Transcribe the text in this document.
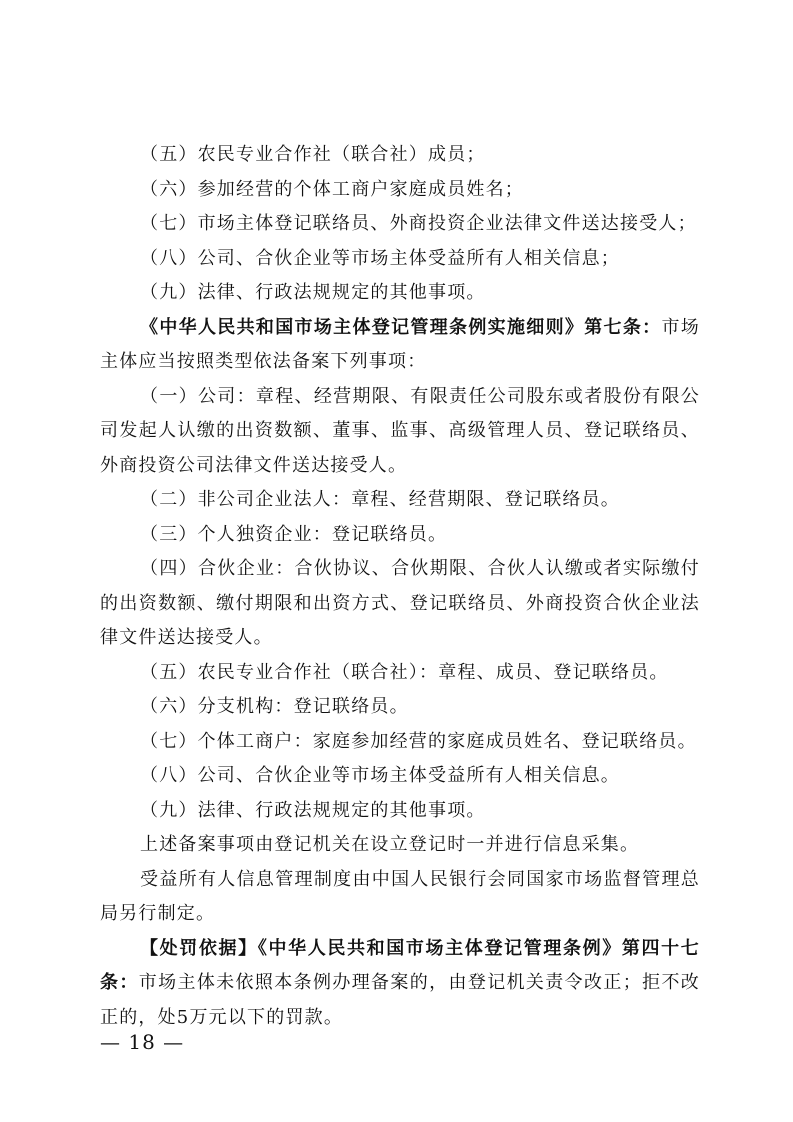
（五）农民专业合作社（联合社）成员；

（六）参加经营的个体工商户家庭成员姓名；

（七）市场主体登记联络员、外商投资企业法律文件送达接受人；

（八）公司、合伙企业等市场主体受益所有人相关信息；

（九）法律、行政法规规定的其他事项。

《中华人民共和国市场主体登记管理条例实施细则》第七条：市场主体应当按照类型依法备案下列事项：

（一）公司：章程、经营期限、有限责任公司股东或者股份有限公司发起人认缴的出资数额、董事、监事、高级管理人员、登记联络员、外商投资公司法律文件送达接受人。

（二）非公司企业法人：章程、经营期限、登记联络员。

（三）个人独资企业：登记联络员。

（四）合伙企业：合伙协议、合伙期限、合伙人认缴或者实际缴付的出资数额、缴付期限和出资方式、登记联络员、外商投资合伙企业法律文件送达接受人。

（五）农民专业合作社（联合社）：章程、成员、登记联络员。

（六）分支机构：登记联络员。

（七）个体工商户：家庭参加经营的家庭成员姓名、登记联络员。

（八）公司、合伙企业等市场主体受益所有人相关信息。

（九）法律、行政法规规定的其他事项。

上述备案事项由登记机关在设立登记时一并进行信息采集。

受益所有人信息管理制度由中国人民银行会同国家市场监督管理总局另行制定。

【处罚依据】《中华人民共和国市场主体登记管理条例》第四十七条：市场主体未依照本条例办理备案的，由登记机关责令改正；拒不改正的，处5万元以下的罚款。

— 18 —
